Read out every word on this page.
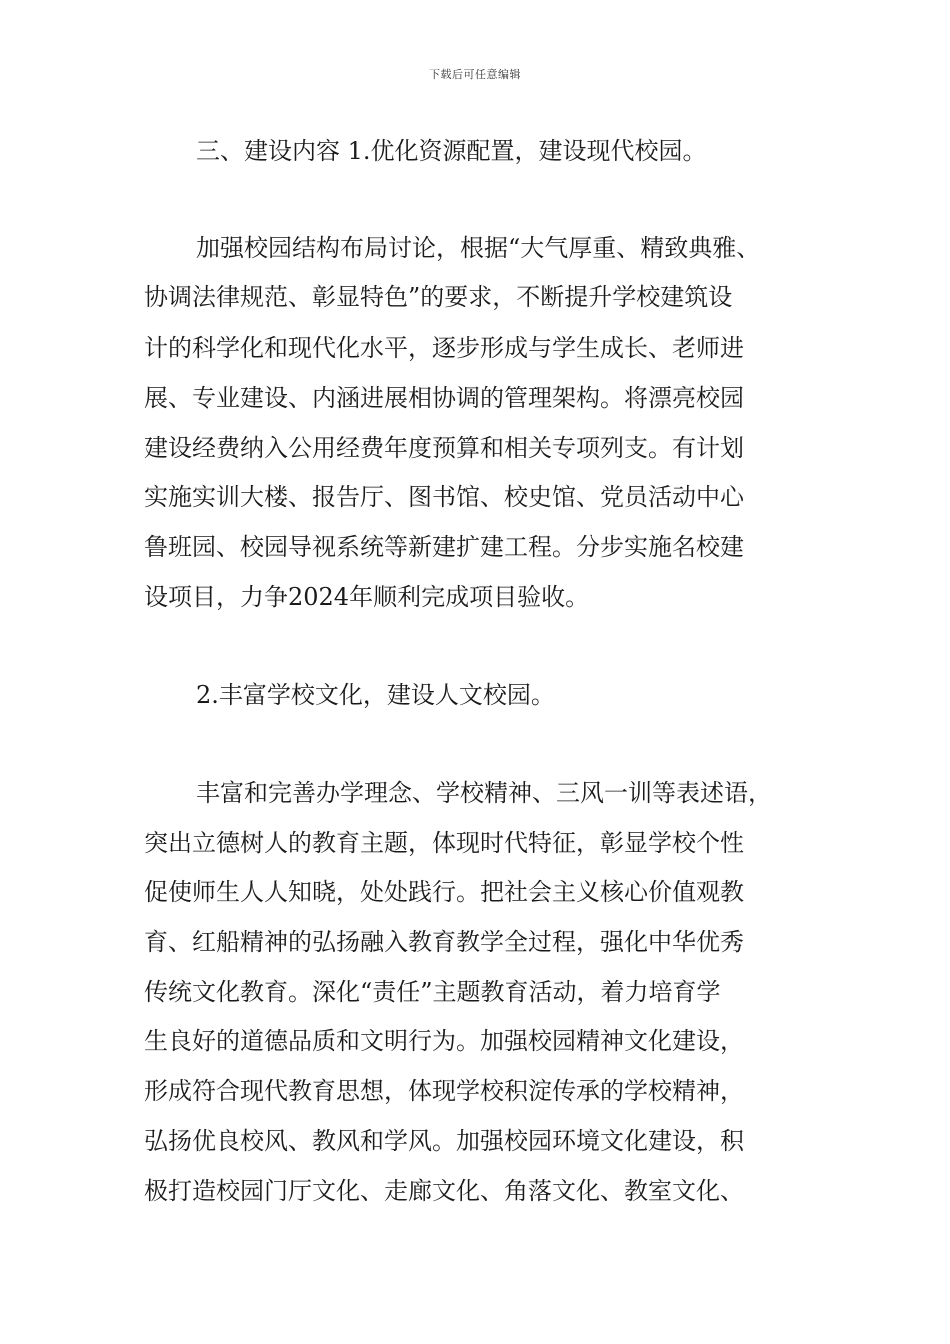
下载后可任意编辑
三、建设内容 1.优化资源配置，建设现代校园。
加强校园结构布局讨论，根据“大气厚重、精致典雅、
协调法律规范、彰显特色”的要求，不断提升学校建筑设
计的科学化和现代化水平，逐步形成与学生成长、老师进
展、专业建设、内涵进展相协调的管理架构。将漂亮校园
建设经费纳入公用经费年度预算和相关专项列支。有计划
实施实训大楼、报告厅、图书馆、校史馆、党员活动中心
鲁班园、校园导视系统等新建扩建工程。分步实施名校建
设项目，力争2024年顺利完成项目验收。
2.丰富学校文化，建设人文校园。
丰富和完善办学理念、学校精神、三风一训等表述语，
突出立德树人的教育主题，体现时代特征，彰显学校个性
促使师生人人知晓，处处践行。把社会主义核心价值观教
育、红船精神的弘扬融入教育教学全过程，强化中华优秀
传统文化教育。深化“责任”主题教育活动，着力培育学
生良好的道德品质和文明行为。加强校园精神文化建设，
形成符合现代教育思想，体现学校积淀传承的学校精神，
弘扬优良校风、教风和学风。加强校园环境文化建设，积
极打造校园门厅文化、走廊文化、角落文化、教室文化、
